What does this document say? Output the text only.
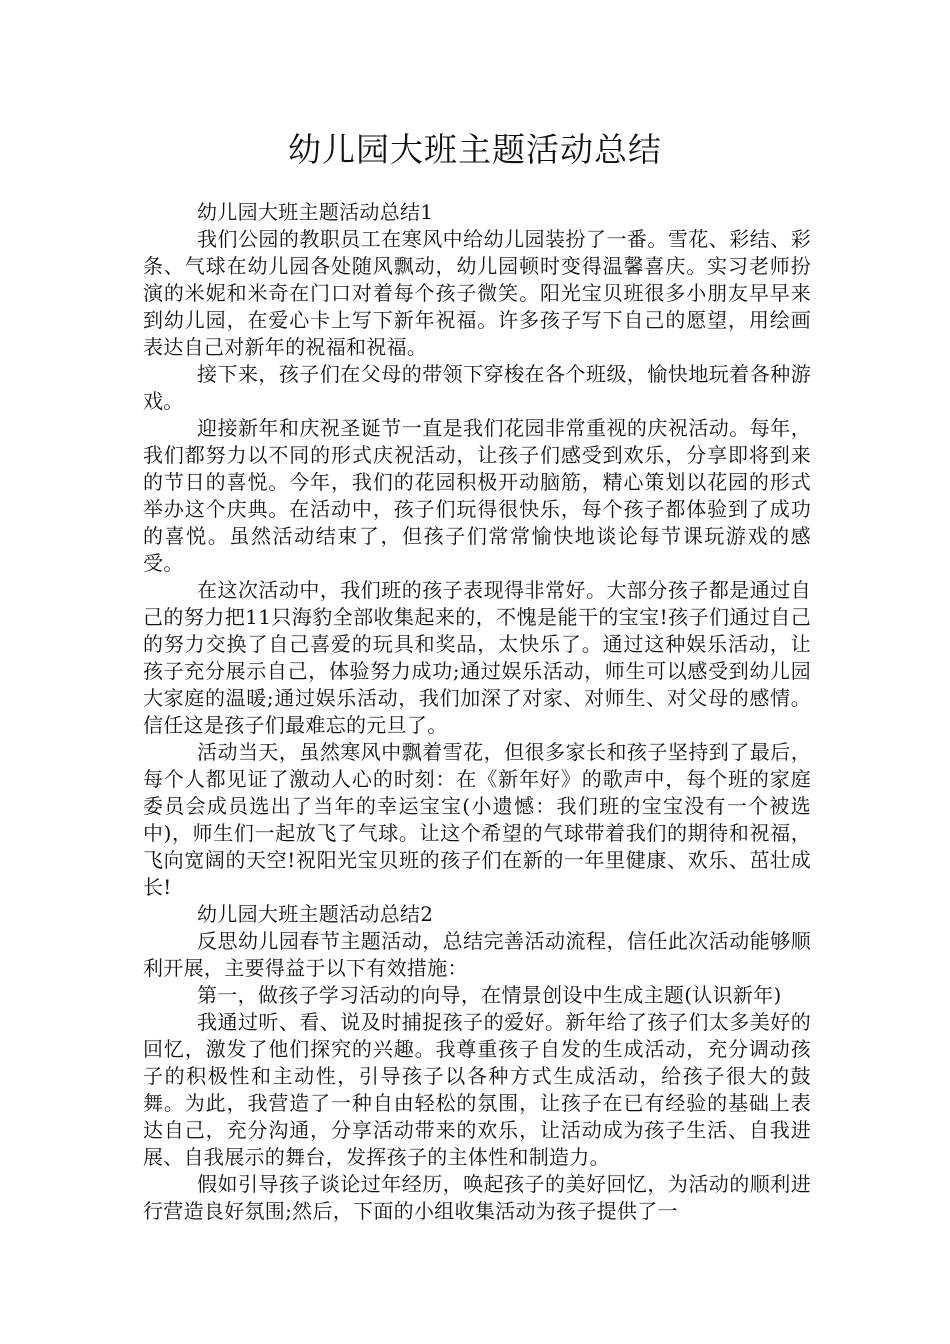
幼儿园大班主题活动总结

幼儿园大班主题活动总结1

我们公园的教职员工在寒风中给幼儿园装扮了一番。雪花、彩结、彩条、气球在幼儿园各处随风飘动，幼儿园顿时变得温馨喜庆。实习老师扮演的米妮和米奇在门口对着每个孩子微笑。阳光宝贝班很多小朋友早早来到幼儿园，在爱心卡上写下新年祝福。许多孩子写下自己的愿望，用绘画表达自己对新年的祝福和祝福。

接下来，孩子们在父母的带领下穿梭在各个班级，愉快地玩着各种游戏。

迎接新年和庆祝圣诞节一直是我们花园非常重视的庆祝活动。每年，我们都努力以不同的形式庆祝活动，让孩子们感受到欢乐，分享即将到来的节日的喜悦。今年，我们的花园积极开动脑筋，精心策划以花园的形式举办这个庆典。在活动中，孩子们玩得很快乐，每个孩子都体验到了成功的喜悦。虽然活动结束了，但孩子们常常愉快地谈论每节课玩游戏的感受。

在这次活动中，我们班的孩子表现得非常好。大部分孩子都是通过自己的努力把11只海豹全部收集起来的，不愧是能干的宝宝!孩子们通过自己的努力交换了自己喜爱的玩具和奖品，太快乐了。通过这种娱乐活动，让孩子充分展示自己，体验努力成功;通过娱乐活动，师生可以感受到幼儿园大家庭的温暖;通过娱乐活动，我们加深了对家、对师生、对父母的感情。信任这是孩子们最难忘的元旦了。

活动当天，虽然寒风中飘着雪花，但很多家长和孩子坚持到了最后，每个人都见证了激动人心的时刻：在《新年好》的歌声中，每个班的家庭委员会成员选出了当年的幸运宝宝(小遗憾：我们班的宝宝没有一个被选中)，师生们一起放飞了气球。让这个希望的气球带着我们的期待和祝福，飞向宽阔的天空!祝阳光宝贝班的孩子们在新的一年里健康、欢乐、茁壮成长!

幼儿园大班主题活动总结2

反思幼儿园春节主题活动，总结完善活动流程，信任此次活动能够顺利开展，主要得益于以下有效措施：

第一，做孩子学习活动的向导，在情景创设中生成主题(认识新年)

我通过听、看、说及时捕捉孩子的爱好。新年给了孩子们太多美好的回忆，激发了他们探究的兴趣。我尊重孩子自发的生成活动，充分调动孩子的积极性和主动性，引导孩子以各种方式生成活动，给孩子很大的鼓舞。为此，我营造了一种自由轻松的氛围，让孩子在已有经验的基础上表达自己，充分沟通，分享活动带来的欢乐，让活动成为孩子生活、自我进展、自我展示的舞台，发挥孩子的主体性和制造力。

假如引导孩子谈论过年经历，唤起孩子的美好回忆，为活动的顺利进行营造良好氛围;然后，下面的小组收集活动为孩子提供了一
